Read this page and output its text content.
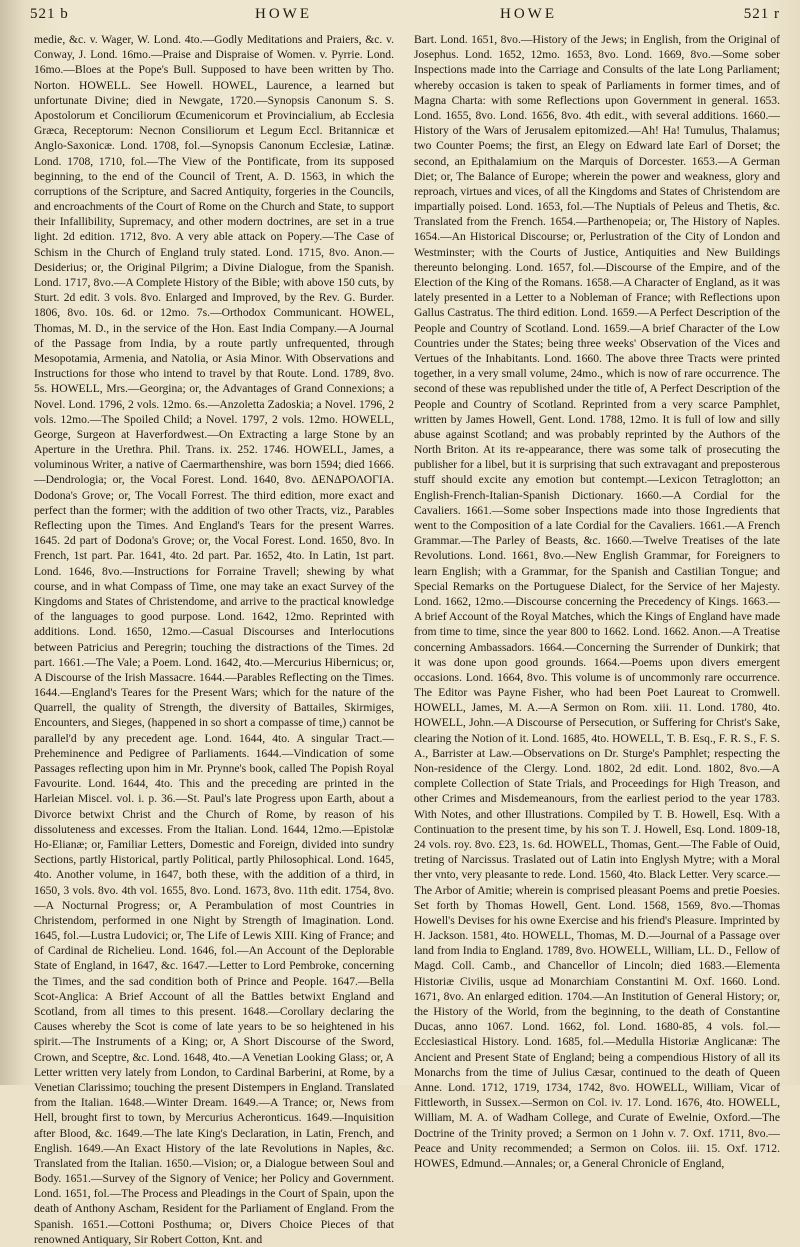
521 b	HOWE	HOWE	521 r

medie, &c. v. Wager, W. Lond. 4to.—Godly Meditations and Praiers, &c. v. Conway, J. Lond. 16mo.—Praise and Dispraise of Women. v. Pyrrie. Lond. 16mo.—Bloes at the Pope's Bull. Supposed to have been written by Tho. Norton. HOWELL. See Howell. HOWEL, Laurence, a learned but unfortunate Divine; died in Newgate, 1720.—Synopsis Canonum S. S. Apostolorum et Conciliorum Œcumenicorum et Provincialium, ab Ecclesia Græca, Receptorum: Necnon Consiliorum et Legum Eccl. Britannicæ et Anglo-Saxonicæ. Lond. 1708, fol.—Synopsis Canonum Ecclesiæ, Latinæ. Lond. 1708, 1710, fol.—The View of the Pontificate, from its supposed beginning, to the end of the Council of Trent, A. D. 1563, in which the corruptions of the Scripture, and Sacred Antiquity, forgeries in the Councils, and encroachments of the Court of Rome on the Church and State, to support their Infallibility, Supremacy, and other modern doctrines, are set in a true light. 2d edition. 1712, 8vo. A very able attack on Popery.—The Case of Schism in the Church of England truly stated. Lond. 1715, 8vo. Anon.—Desiderius; or, the Original Pilgrim; a Divine Dialogue, from the Spanish. Lond. 1717, 8vo.—A Complete History of the Bible; with above 150 cuts, by Sturt. 2d edit. 3 vols. 8vo. Enlarged and Improved, by the Rev. G. Burder. 1806, 8vo. 10s. 6d. or 12mo. 7s.—Orthodox Communicant. HOWEL, Thomas, M. D., in the service of the Hon. East India Company.—A Journal of the Passage from India, by a route partly unfrequented, through Mesopotamia, Armenia, and Natolia, or Asia Minor. With Observations and Instructions for those who intend to travel by that Route. Lond. 1789, 8vo. 5s. HOWELL, Mrs.—Georgina; or, the Advantages of Grand Connexions; a Novel. Lond. 1796, 2 vols. 12mo. 6s.—Anzoletta Zadoskia; a Novel. 1796, 2 vols. 12mo.—The Spoiled Child; a Novel. 1797, 2 vols. 12mo. HOWELL, George, Surgeon at Haverfordwest.—On Extracting a large Stone by an Aperture in the Urethra. Phil. Trans. ix. 252. 1746. HOWELL, James, a voluminous Writer, a native of Caermarthenshire, was born 1594; died 1666.—Dendrologia; or, the Vocal Forest. Lond. 1640, 8vo. ΔΕΝΔΡΟΛΟΓΙΑ. Dodona's Grove; or, The Vocall Forrest. The third edition, more exact and perfect than the former; with the addition of two other Tracts, viz., Parables Reflecting upon the Times. And England's Tears for the present Warres. 1645. 2d part of Dodona's Grove; or, the Vocal Forest. Lond. 1650, 8vo. In French, 1st part. Par. 1641, 4to. 2d part. Par. 1652, 4to. In Latin, 1st part. Lond. 1646, 8vo.—Instructions for Forraine Travell; shewing by what course, and in what Compass of Time, one may take an exact Survey of the Kingdoms and States of Christendome, and arrive to the practical knowledge of the languages to good purpose. Lond. 1642, 12mo. Reprinted with additions. Lond. 1650, 12mo.—Casual Discourses and Interlocutions between Patricius and Peregrin; touching the distractions of the Times. 2d part. 1661.—The Vale; a Poem. Lond. 1642, 4to.—Mercurius Hibernicus; or, A Discourse of the Irish Massacre. 1644.—Parables Reflecting on the Times. 1644.—England's Teares for the Present Wars; which for the nature of the Quarrell, the quality of Strength, the diversity of Battailes, Skirmiges, Encounters, and Sieges, (happened in so short a compasse of time,) cannot be parallel'd by any precedent age. Lond. 1644, 4to. A singular Tract.—Preheminence and Pedigree of Parliaments. 1644.—Vindication of some Passages reflecting upon him in Mr. Prynne's book, called The Popish Royal Favourite. Lond. 1644, 4to. This and the preceding are printed in the Harleian Miscel. vol. i. p. 36.—St. Paul's late Progress upon Earth, about a Divorce betwixt Christ and the Church of Rome, by reason of his dissoluteness and excesses. From the Italian. Lond. 1644, 12mo.—Epistolæ Ho-Elianæ; or, Familiar Letters, Domestic and Foreign, divided into sundry Sections, partly Historical, partly Political, partly Philosophical. Lond. 1645, 4to. Another volume, in 1647, both these, with the addition of a third, in 1650, 3 vols. 8vo. 4th vol. 1655, 8vo. Lond. 1673, 8vo. 11th edit. 1754, 8vo.—A Nocturnal Progress; or, A Perambulation of most Countries in Christendom, performed in one Night by Strength of Imagination. Lond. 1645, fol.—Lustra Ludovici; or, The Life of Lewis XIII. King of France; and of Cardinal de Richelieu. Lond. 1646, fol.—An Account of the Deplorable State of England, in 1647, &c. 1647.—Letter to Lord Pembroke, concerning the Times, and the sad condition both of Prince and People. 1647.—Bella Scot-Anglica: A Brief Account of all the Battles betwixt England and Scotland, from all times to this present. 1648.—Corollary declaring the Causes whereby the Scot is come of late years to be so heightened in his spirit.—The Instruments of a King; or, A Short Discourse of the Sword, Crown, and Sceptre, &c. Lond. 1648, 4to.—A Venetian Looking Glass; or, A Letter written very lately from London, to Cardinal Barberini, at Rome, by a Venetian Clarissimo; touching the present Distempers in England. Translated from the Italian. 1648.—Winter Dream. 1649.—A Trance; or, News from Hell, brought first to town, by Mercurius Acheronticus. 1649.—Inquisition after Blood, &c. 1649.—The late King's Declaration, in Latin, French, and English. 1649.—An Exact History of the late Revolutions in Naples, &c. Translated from the Italian. 1650.—Vision; or, a Dialogue between Soul and Body. 1651.—Survey of the Signory of Venice; her Policy and Government. Lond. 1651, fol.—The Process and Pleadings in the Court of Spain, upon the death of Anthony Ascham, Resident for the Parliament of England. From the Spanish. 1651.—Cottoni Posthuma; or, Divers Choice Pieces of that renowned Antiquary, Sir Robert Cotton, Knt. and

Bart. Lond. 1651, 8vo.—History of the Jews; in English, from the Original of Josephus. Lond. 1652, 12mo. 1653, 8vo. Lond. 1669, 8vo.—Some sober Inspections made into the Carriage and Consults of the late Long Parliament; whereby occasion is taken to speak of Parliaments in former times, and of Magna Charta: with some Reflections upon Government in general. 1653. Lond. 1655, 8vo. Lond. 1656, 8vo. 4th edit., with several additions. 1660.—History of the Wars of Jerusalem epitomized.—Ah! Ha! Tumulus, Thalamus; two Counter Poems; the first, an Elegy on Edward late Earl of Dorset; the second, an Epithalamium on the Marquis of Dorcester. 1653.—A German Diet; or, The Balance of Europe; wherein the power and weakness, glory and reproach, virtues and vices, of all the Kingdoms and States of Christendom are impartially poised. Lond. 1653, fol.—The Nuptials of Peleus and Thetis, &c. Translated from the French. 1654.—Parthenopeia; or, The History of Naples. 1654.—An Historical Discourse; or, Perlustration of the City of London and Westminster; with the Courts of Justice, Antiquities and New Buildings thereunto belonging. Lond. 1657, fol.—Discourse of the Empire, and of the Election of the King of the Romans. 1658.—A Character of England, as it was lately presented in a Letter to a Nobleman of France; with Reflections upon Gallus Castratus. The third edition. Lond. 1659.—A Perfect Description of the People and Country of Scotland. Lond. 1659.—A brief Character of the Low Countries under the States; being three weeks' Observation of the Vices and Vertues of the Inhabitants. Lond. 1660. The above three Tracts were printed together, in a very small volume, 24mo., which is now of rare occurrence. The second of these was republished under the title of, A Perfect Description of the People and Country of Scotland. Reprinted from a very scarce Pamphlet, written by James Howell, Gent. Lond. 1788, 12mo. It is full of low and silly abuse against Scotland; and was probably reprinted by the Authors of the North Briton. At its re-appearance, there was some talk of prosecuting the publisher for a libel, but it is surprising that such extravagant and preposterous stuff should excite any emotion but contempt.—Lexicon Tetraglotton; an English-French-Italian-Spanish Dictionary. 1660.—A Cordial for the Cavaliers. 1661.—Some sober Inspections made into those Ingredients that went to the Composition of a late Cordial for the Cavaliers. 1661.—A French Grammar.—The Parley of Beasts, &c. 1660.—Twelve Treatises of the late Revolutions. Lond. 1661, 8vo.—New English Grammar, for Foreigners to learn English; with a Grammar, for the Spanish and Castilian Tongue; and Special Remarks on the Portuguese Dialect, for the Service of her Majesty. Lond. 1662, 12mo.—Discourse concerning the Precedency of Kings. 1663.—A brief Account of the Royal Matches, which the Kings of England have made from time to time, since the year 800 to 1662. Lond. 1662. Anon.—A Treatise concerning Ambassadors. 1664.—Concerning the Surrender of Dunkirk; that it was done upon good grounds. 1664.—Poems upon divers emergent occasions. Lond. 1664, 8vo. This volume is of uncommonly rare occurrence. The Editor was Payne Fisher, who had been Poet Laureat to Cromwell. HOWELL, James, M. A.—A Sermon on Rom. xiii. 11. Lond. 1780, 4to. HOWELL, John.—A Discourse of Persecution, or Suffering for Christ's Sake, clearing the Notion of it. Lond. 1685, 4to. HOWELL, T. B. Esq., F. R. S., F. S. A., Barrister at Law.—Observations on Dr. Sturge's Pamphlet; respecting the Non-residence of the Clergy. Lond. 1802, 2d edit. Lond. 1802, 8vo.—A complete Collection of State Trials, and Proceedings for High Treason, and other Crimes and Misdemeanours, from the earliest period to the year 1783. With Notes, and other Illustrations. Compiled by T. B. Howell, Esq. With a Continuation to the present time, by his son T. J. Howell, Esq. Lond. 1809-18, 24 vols. roy. 8vo. £23, 1s. 6d. HOWELL, Thomas, Gent.—The Fable of Ouid, treting of Narcissus. Traslated out of Latin into Englysh Mytre; with a Moral ther vnto, very pleasante to rede. Lond. 1560, 4to. Black Letter. Very scarce.—The Arbor of Amitie; wherein is comprised pleasant Poems and pretie Poesies. Set forth by Thomas Howell, Gent. Lond. 1568, 1569, 8vo.—Thomas Howell's Devises for his owne Exercise and his friend's Pleasure. Imprinted by H. Jackson. 1581, 4to. HOWELL, Thomas, M. D.—Journal of a Passage over land from India to England. 1789, 8vo. HOWELL, William, LL. D., Fellow of Magd. Coll. Camb., and Chancellor of Lincoln; died 1683.—Elementa Historiæ Civilis, usque ad Monarchiam Constantini M. Oxf. 1660. Lond. 1671, 8vo. An enlarged edition. 1704.—An Institution of General History; or, the History of the World, from the beginning, to the death of Constantine Ducas, anno 1067. Lond. 1662, fol. Lond. 1680-85, 4 vols. fol.—Ecclesiastical History. Lond. 1685, fol.—Medulla Historiæ Anglicanæ: The Ancient and Present State of England; being a compendious History of all its Monarchs from the time of Julius Cæsar, continued to the death of Queen Anne. Lond. 1712, 1719, 1734, 1742, 8vo. HOWELL, William, Vicar of Fittleworth, in Sussex.—Sermon on Col. iv. 17. Lond. 1676, 4to. HOWELL, William, M. A. of Wadham College, and Curate of Ewelnie, Oxford.—The Doctrine of the Trinity proved; a Sermon on 1 John v. 7. Oxf. 1711, 8vo.—Peace and Unity recommended; a Sermon on Colos. iii. 15. Oxf. 1712. HOWES, Edmund.—Annales; or, a General Chronicle of England,
